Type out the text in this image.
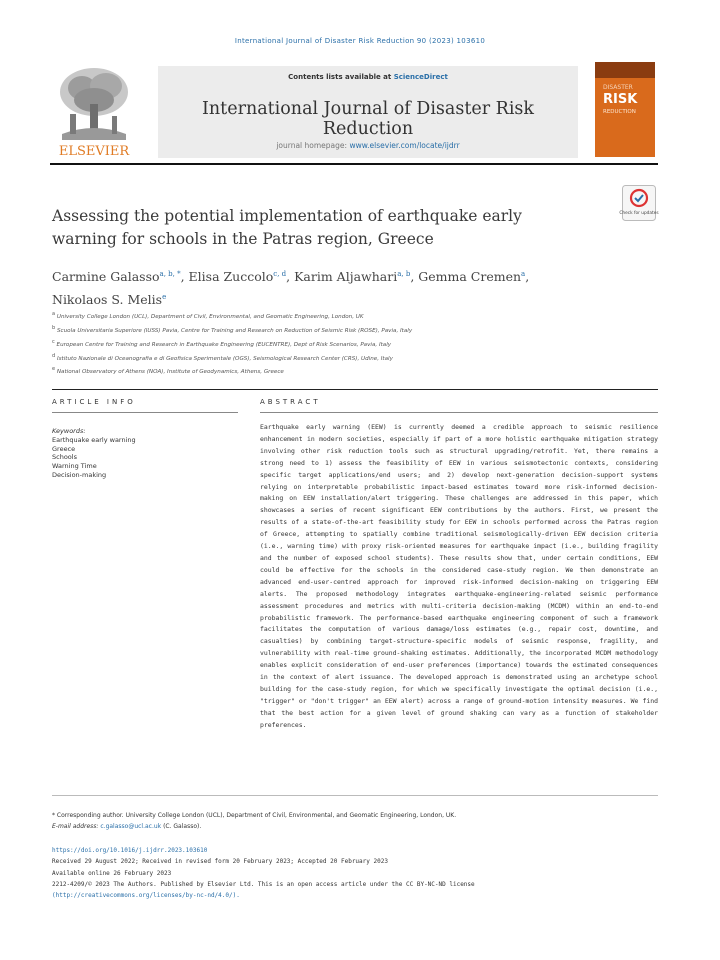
International Journal of Disaster Risk Reduction 90 (2023) 103610
ELSEVIER
Contents lists available at ScienceDirect
International Journal of Disaster Risk Reduction
journal homepage: www.elsevier.com/locate/ijdrr
DISASTER
RISK
REDUCTION
Check for updates
Assessing the potential implementation of earthquake early
warning for schools in the Patras region, Greece
Carmine Galasso$^{a, b, *}$, Elisa Zuccolo$^{c, d}$, Karim Aljawhari$^{a, b}$, Gemma Cremen$^a$,
Nikolaos S. Melis$^e$
$^a$ University College London (UCL), Department of Civil, Environmental, and Geomatic Engineering, London, UK
$^b$ Scuola Universitaria Superiore (IUSS) Pavia, Centre for Training and Research on Reduction of Seismic Risk (ROSE), Pavia, Italy
$^c$ European Centre for Training and Research in Earthquake Engineering (EUCENTRE), Dept of Risk Scenarios, Pavia, Italy
$^d$ Istituto Nazionale di Oceanografia e di Geofisica Sperimentale (OGS), Seismological Research Center (CRS), Udine, Italy
$^e$ National Observatory of Athens (NOA), Institute of Geodynamics, Athens, Greece
ARTICLE INFO	ABSTRACT
Keywords:
Earthquake early warning
Greece
Schools
Warning Time
Decision-making
Earthquake early warning (EEW) is currently deemed a credible approach to seismic resilience enhancement in modern societies, especially if part of a more holistic earthquake mitigation strategy involving other risk reduction tools such as structural upgrading/retrofit. Yet, there remains a strong need to 1) assess the feasibility of EEW in various seismotectonic contexts, considering specific target applications/end users; and 2) develop next-generation decision-support systems relying on interpretable probabilistic impact-based estimates toward more risk-informed decision-making on EEW installation/alert triggering. These challenges are addressed in this paper, which showcases a series of recent significant EEW contributions by the authors. First, we present the results of a state-of-the-art feasibility study for EEW in schools performed across the Patras region of Greece, attempting to spatially combine traditional seismologically-driven EEW decision criteria (i.e., warning time) with proxy risk-oriented measures for earthquake impact (i.e., building fragility and the number of exposed school students). These results show that, under certain conditions, EEW could be effective for the schools in the considered case-study region. We then demonstrate an advanced end-user-centred approach for improved risk-informed decision-making on triggering EEW alerts. The proposed methodology integrates earthquake-engineering-related seismic performance assessment procedures and metrics with multi-criteria decision-making (MCDM) within an end-to-end probabilistic framework. The performance-based earthquake engineering component of such a framework facilitates the computation of various damage/loss estimates (e.g., repair cost, downtime, and casualties) by combining target-structure-specific models of seismic response, fragility, and vulnerability with real-time ground-shaking estimates. Additionally, the incorporated MCDM methodology enables explicit consideration of end-user preferences (importance) towards the estimated consequences in the context of alert issuance. The developed approach is demonstrated using an archetype school building for the case-study region, for which we specifically investigate the optimal decision (i.e., "trigger" or "don't trigger" an EEW alert) across a range of ground-motion intensity measures. We find that the best action for a given level of ground shaking can vary as a function of stakeholder preferences.
* Corresponding author. University College London (UCL), Department of Civil, Environmental, and Geomatic Engineering, London, UK.
E-mail address: c.galasso@ucl.ac.uk (C. Galasso).
https://doi.org/10.1016/j.ijdrr.2023.103610
Received 29 August 2022; Received in revised form 20 February 2023; Accepted 20 February 2023
Available online 26 February 2023
2212-4209/© 2023 The Authors. Published by Elsevier Ltd. This is an open access article under the CC BY-NC-ND license
(http://creativecommons.org/licenses/by-nc-nd/4.0/).
